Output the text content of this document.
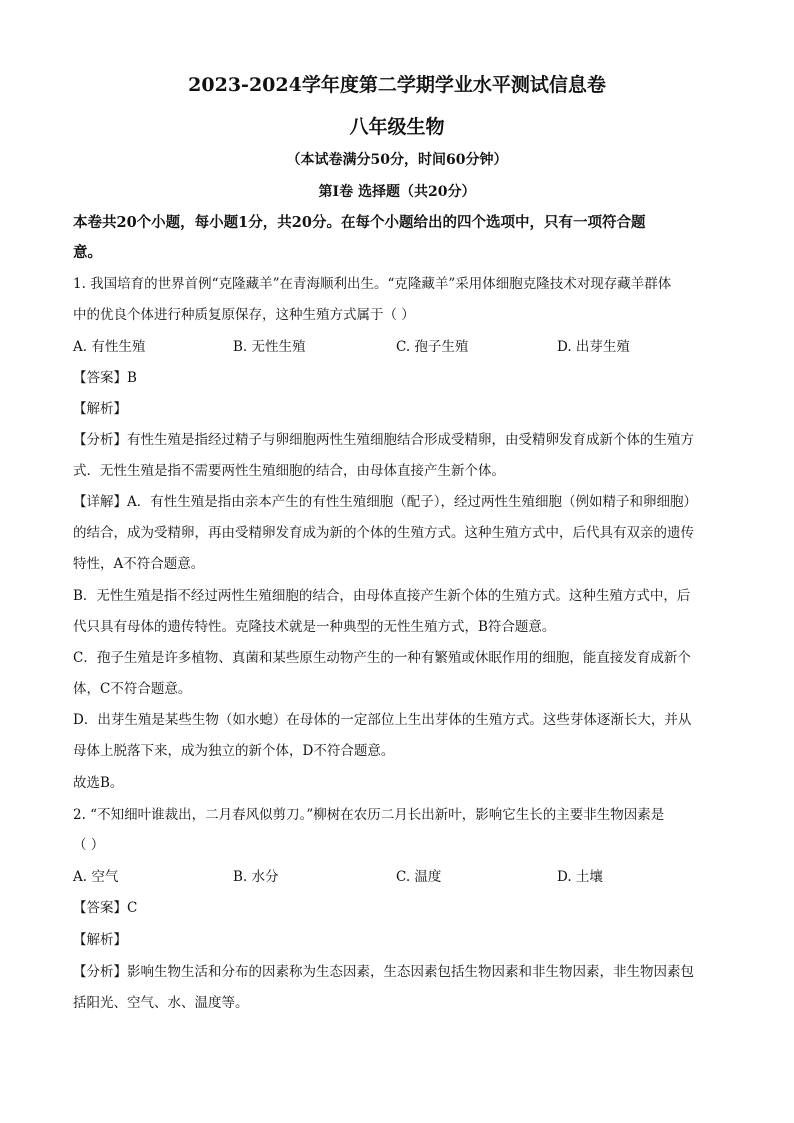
2023-2024学年度第二学期学业水平测试信息卷
八年级生物
（本试卷满分50分，时间60分钟）
第Ⅰ卷 选择题（共20分）
本卷共20个小题，每小题1分，共20分。在每个小题给出的四个选项中，只有一项符合题
意。
1. 我国培育的世界首例“克隆藏羊”在青海顺利出生。“克隆藏羊”采用体细胞克隆技术对现存藏羊群体
中的优良个体进行种质复原保存，这种生殖方式属于（ ）
A. 有性生殖	B. 无性生殖	C. 孢子生殖	D. 出芽生殖
【答案】B
【解析】
【分析】有性生殖是指经过精子与卵细胞两性生殖细胞结合形成受精卵，由受精卵发育成新个体的生殖方
式．无性生殖是指不需要两性生殖细胞的结合，由母体直接产生新个体。
【详解】A．有性生殖是指由亲本产生的有性生殖细胞（配子），经过两性生殖细胞（例如精子和卵细胞）
的结合，成为受精卵，再由受精卵发育成为新的个体的生殖方式。这种生殖方式中，后代具有双亲的遗传
特性，A不符合题意。
B．无性生殖是指不经过两性生殖细胞的结合，由母体直接产生新个体的生殖方式。这种生殖方式中，后
代只具有母体的遗传特性。克隆技术就是一种典型的无性生殖方式，B符合题意。
C．孢子生殖是许多植物、真菌和某些原生动物产生的一种有繁殖或休眠作用的细胞，能直接发育成新个
体，C不符合题意。
D．出芽生殖是某些生物（如水螅）在母体的一定部位上生出芽体的生殖方式。这些芽体逐渐长大，并从
母体上脱落下来，成为独立的新个体，D不符合题意。
故选B。
2. “不知细叶谁裁出，二月春风似剪刀。”柳树在农历二月长出新叶，影响它生长的主要非生物因素是
（ ）
A. 空气	B. 水分	C. 温度	D. 土壤
【答案】C
【解析】
【分析】影响生物生活和分布的因素称为生态因素，生态因素包括生物因素和非生物因素，非生物因素包
括阳光、空气、水、温度等。
